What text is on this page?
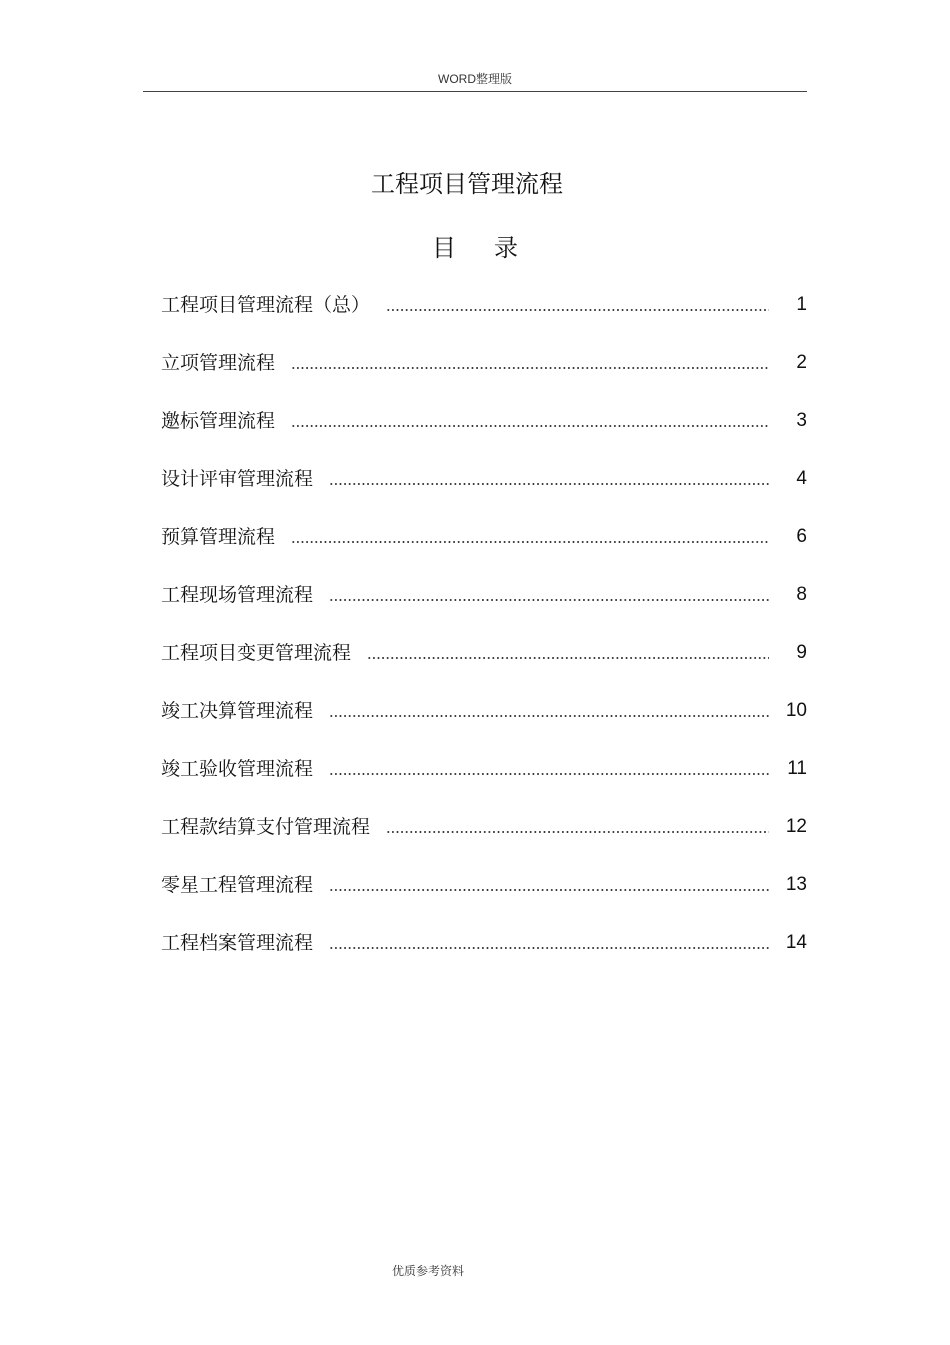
WORD整理版
工程项目管理流程
目录
工程项目管理流程（总）	1
立项管理流程	2
邀标管理流程	3
设计评审管理流程	4
预算管理流程	6
工程现场管理流程	8
工程项目变更管理流程	9
竣工决算管理流程	10
竣工验收管理流程	11
工程款结算支付管理流程	12
零星工程管理流程	13
工程档案管理流程	14
优质参考资料
